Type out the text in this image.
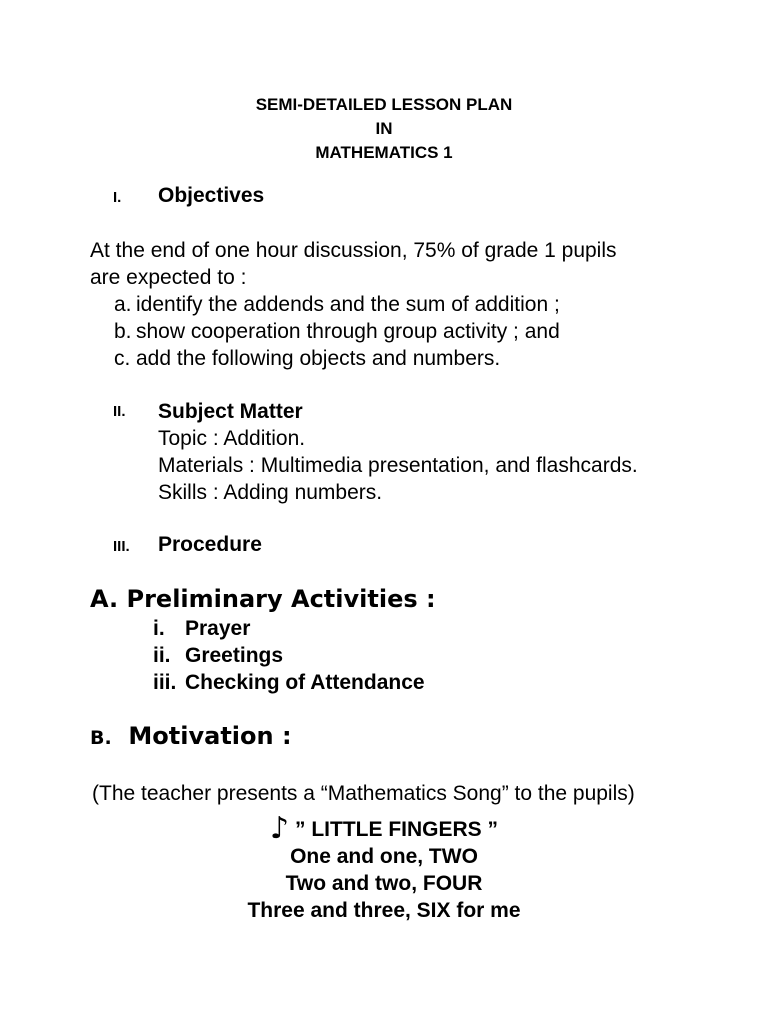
SEMI-DETAILED LESSON PLAN
IN
MATHEMATICS 1
I. Objectives
At the end of one hour discussion, 75% of grade 1 pupils
are expected to :
a. identify the addends and the sum of addition ;
b. show cooperation through group activity ; and
c. add the following objects and numbers.
II. Subject Matter
Topic : Addition.
Materials : Multimedia presentation, and flashcards.
Skills : Adding numbers.
III. Procedure
A. Preliminary Activities :
i. Prayer
ii. Greetings
iii. Checking of Attendance
B. Motivation :
(The teacher presents a “Mathematics Song” to the pupils)
♪ ” LITTLE FINGERS ”
One and one, TWO
Two and two, FOUR
Three and three, SIX for me
